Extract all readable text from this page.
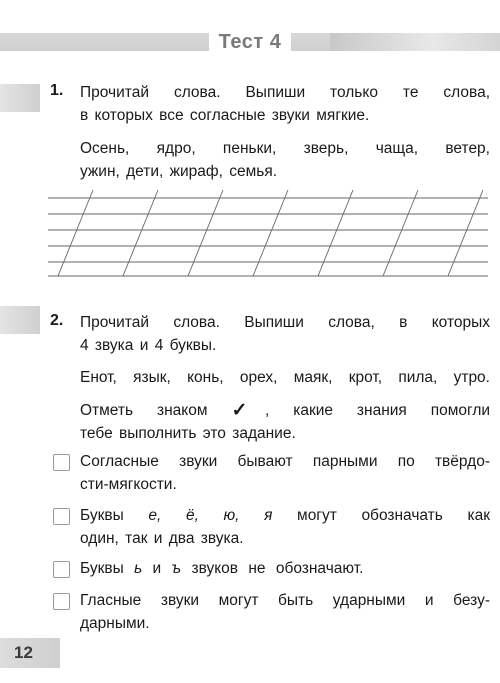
Тест 4
1. Прочитай слова. Выпиши только те слова,
в которых все согласные звуки мягкие.
Осень, ядро, пеньки, зверь, чаща, ветер,
ужин, дети, жираф, семья.
2. Прочитай слова. Выпиши слова, в которых
4 звука и 4 буквы.
Енот, язык, конь, орех, маяк, крот, пила, утро.
Отметь знаком ✓, какие знания помогли
тебе выполнить это задание.
Согласные звуки бывают парными по твёрдо-
сти-мягкости.
Буквы е, ё, ю, я могут обозначать как
один, так и два звука.
Буквы ь и ъ звуков не обозначают.
Гласные звуки могут быть ударными и безу-
дарными.
12
